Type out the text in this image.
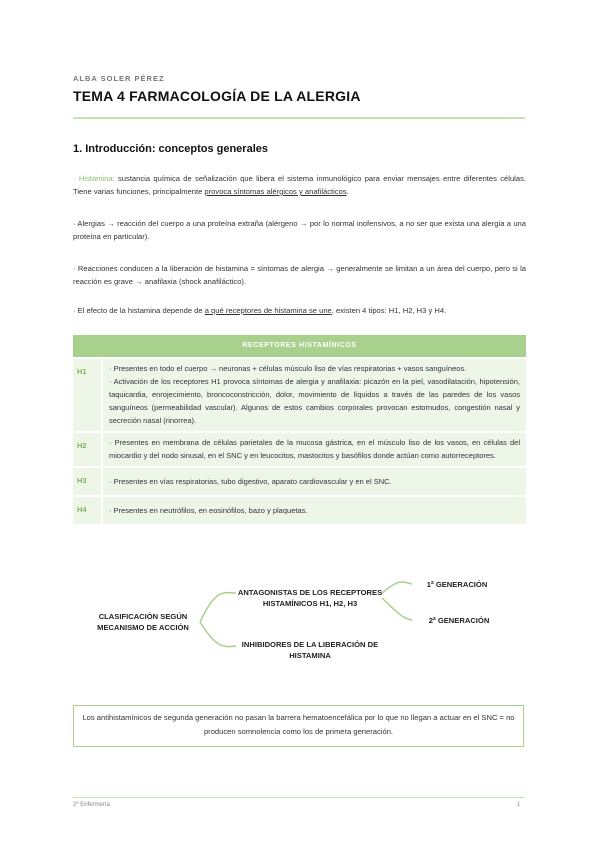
ALBA SOLER PÉREZ
TEMA 4 FARMACOLOGÍA DE LA ALERGIA
1. Introducción: conceptos generales
· Histamina: sustancia química de señalización que libera el sistema inmunológico para enviar mensajes entre diferentes células. Tiene varias funciones, principalmente provoca síntomas alérgicos y anafilácticos.
· Alergias → reacción del cuerpo a una proteína extraña (alérgeno → por lo normal inofensivos, a no ser que exista una alergia a una proteína en particular).
· Reacciones conducen a la liberación de histamina = síntomas de alergia → generalmente se limitan a un área del cuerpo, pero si la reacción es grave → anafilaxia (shock anafiláctico).
· El efecto de la histamina depende de a qué receptores de histamina se une, existen 4 tipos: H1, H2, H3 y H4.
RECEPTORES HISTAMÍNICOS
H1	· Presentes en todo el cuerpo → neuronas + células músculo liso de vías respiratorias + vasos sanguíneos.
· Activación de los receptores H1 provoca síntomas de alergia y anafilaxia: picazón en la piel, vasodilatación, hipotensión, taquicardia, enrojecimiento, broncoconstricción, dolor, movimiento de líquidos a través de las paredes de los vasos sanguíneos (permeabilidad vascular). Algunos de estos cambios corporales provocan estornudos, congestión nasal y secreción nasal (rinorrea).
H2	· Presentes en membrana de células parietales de la mucosa gástrica, en el músculo liso de los vasos, en células del miocardio y del nodo sinusal, en el SNC y en leucocitos, mastocitos y basófilos donde actúan como autorreceptores.
H3	· Presentes en vías respiratorias, tubo digestivo, aparato cardiovascular y en el SNC.
H4	· Presentes en neutrófilos, en eosinófilos, bazo y plaquetas.
CLASIFICACIÓN SEGÚN MECANISMO DE ACCIÓN
ANTAGONISTAS DE LOS RECEPTORES HISTAMÍNICOS H1, H2, H3
INHIBIDORES DE LA LIBERACIÓN DE HISTAMINA
1ª GENERACIÓN
2ª GENERACIÓN
Los antihistamínicos de segunda generación no pasan la barrera hematoencefálica por lo que no llegan a actuar en el SNC = no producen somnolencia como los de primera generación.
2º Enfermería	1
